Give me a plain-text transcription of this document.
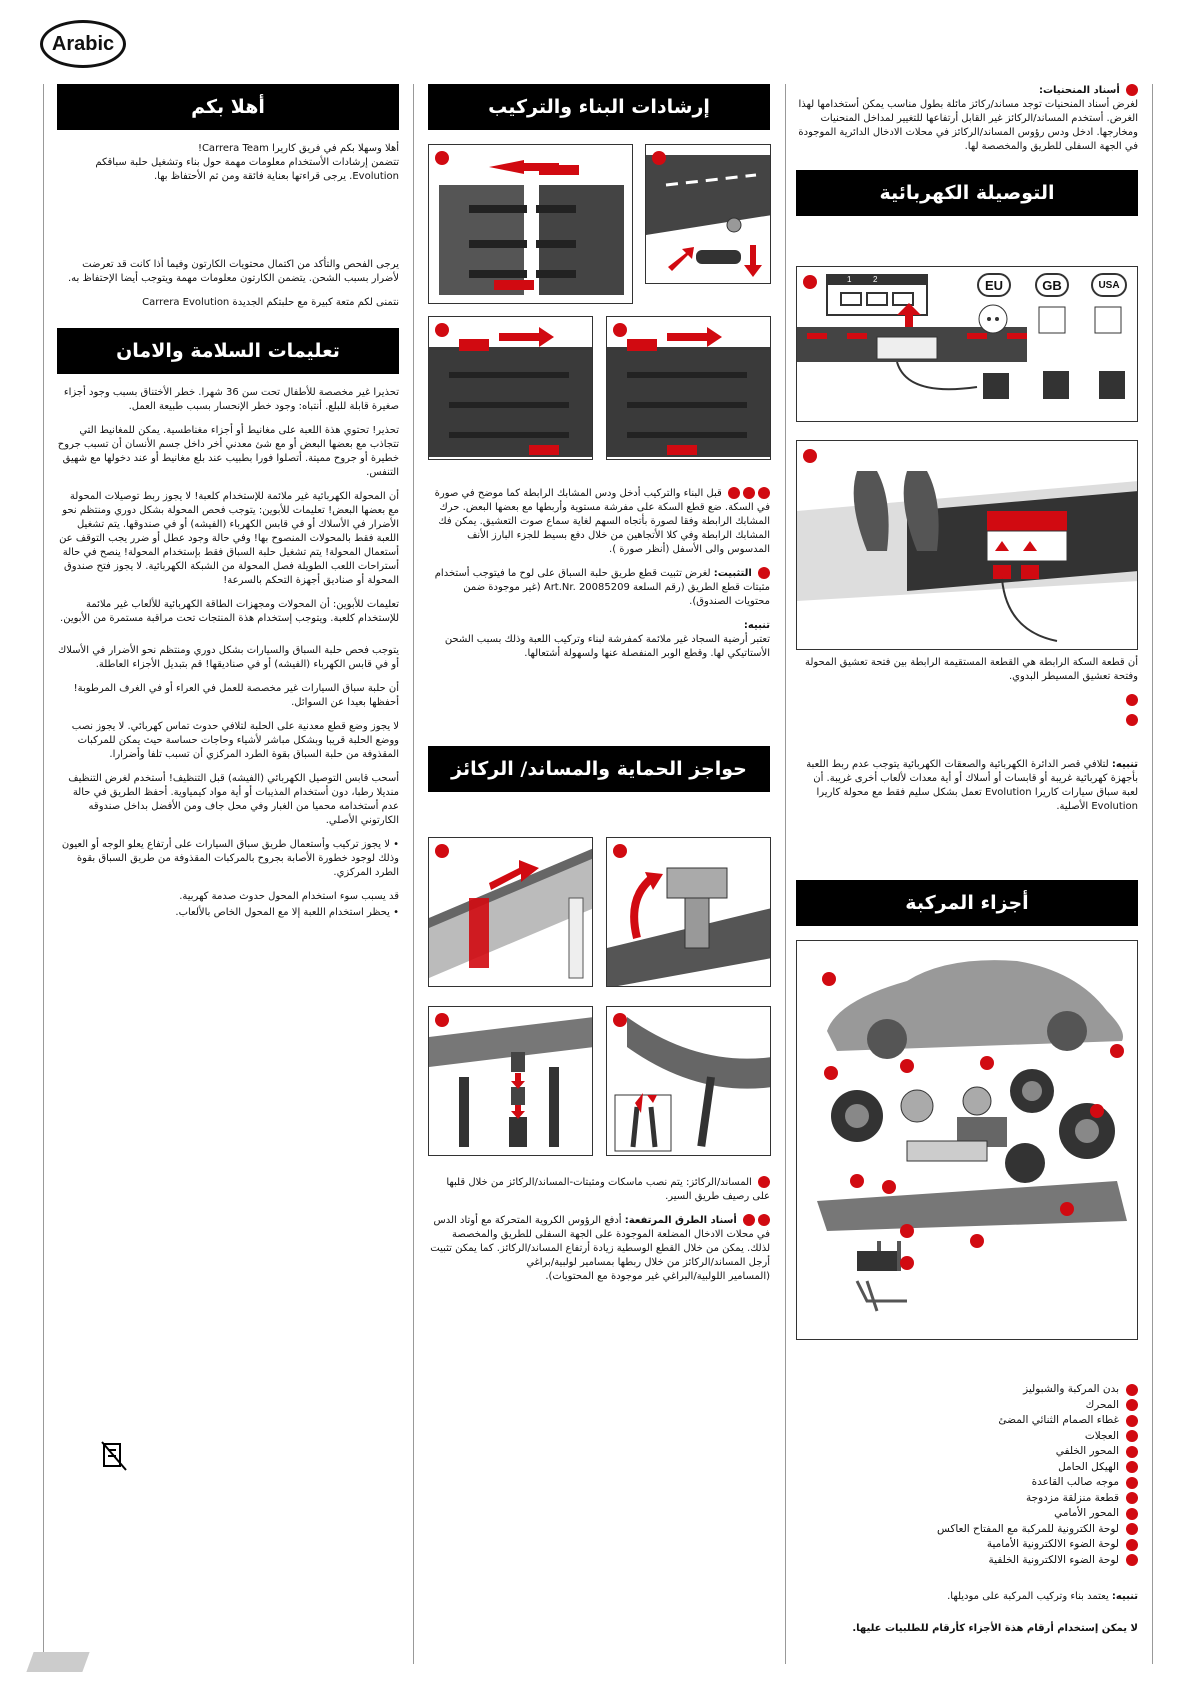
Arabic
أهلا بكم

أهلا وسهلا بكم في فريق كاريرا Carrera Team!

تتضمن إرشادات الأستخدام معلومات مهمة حول بناء وتشغيل حلبة سباقكم Evolution. يرجى قراءتها بعناية فائقة ومن ثم الأحتفاظ بها.

يرجى الفحص والتأكد من اكتمال محتويات الكارتون وفيما أذا كانت قد تعرضت لأضرار بسبب الشحن. يتضمن الكارتون معلومات مهمة ويتوجب أيضا الإحتفاظ به.

نتمنى لكم متعة كبيرة مع حلبتكم الجديدة Carrera Evolution

تعليمات السلامة والامان

تحذيرا غير مخصصة للأطفال تحت سن 36 شهرا. خطر الأختناق بسبب وجود أجزاء صغيرة قابلة للبلع. أنتباه: وجود خطر الإنحسار بسبب طبيعة العمل.

تحذير! تحتوي هذة اللعبة على مغانيط أو أجزاء مغناطسية. يمكن للمغانيط التي تتجاذب مع بعضها البعض أو مع شئ معدني أخر داخل جسم الأنسان أن تسبب جروح خطيرة أو جروح مميتة. أتصلوا فورا بطبيب عند بلع مغانيط أو عند دخولها مع شهيق التنفس.

أن المحولة الكهربائية غير ملائمة للإستخدام كلعبة! لا يجوز ربط توصيلات المحولة مع بعضها البعض! تعليمات للأبوين: يتوجب فحص المحولة بشكل دوري ومنتظم نحو الأضرار في الأسلاك أو في قابس الكهرباء (الفيشه) أو في صندوقها. يتم تشغيل اللعبة فقط بالمحولات المنصوح بها! وفي حالة وجود عطل أو ضرر يجب التوقف عن أستعمال المحولة! يتم تشغيل حلبة السباق فقط بإستخدام المحولة! ينصح في حالة أستراحات اللعب الطويلة فصل المحولة من الشبكة الكهربائية. لا يجوز فتح صندوق المحولة أو صناديق أجهزة التحكم بالسرعة!

تعليمات للأبوين: أن المحولات ومجهزات الطاقة الكهربائية للألعاب غير ملائمة للإستخدام كلعبة. ويتوجب إستخدام هذة المنتجات تحت مراقبة مستمرة من الأبوين.

يتوجب فحص حلبة السباق والسيارات بشكل دوري ومنتظم نحو الأضرار في الأسلاك أو في قابس الكهرباء (الفيشه) أو في صناديقها! قم بتبديل الأجزاء العاطلة.

أن حلبة سباق السيارات غير مخصصة للعمل في العراء أو في الغرف المرطوبة! أحفظها بعيدا عن السوائل.

لا يجوز وضع قطع معدنية على الحلبة لتلافي حدوث تماس كهربائي. لا يجوز نصب ووضع الحلبة قريبا وبشكل مباشر لأشياء وحاجات حساسة حيث يمكن للمركبات المقذوفة من حلبة السباق بقوة الطرد المركزي أن تسبب تلفا وأضرارا.

أسحب قابس التوصيل الكهربائي (الفيشه) قبل التنظيف! أستخدم لغرض التنظيف منديلا رطبا، دون أستخدام المذيبات أو أية مواد كيمياوية. أحفظ الطريق في حالة عدم أستخدامه محميا من الغبار وفي محل جاف ومن الأفضل بداخل صندوقه الكارتوني الأصلي.

• لا يجوز تركيب وأستعمال طريق سباق السيارات على أرتفاع يعلو الوجه أو العيون وذلك لوجود خطورة الأصابة بجروح بالمركبات المقذوفة من طريق السباق بقوة الطرد المركزي.

قد يسبب سوء استخدام المحول حدوث صدمة كهربية.

• يحظر استخدام اللعبة إلا مع المحول الخاص بالألعاب.

إرشادات البناء والتركيب

قبل البناء والتركيب أدخل ودس المشابك الرابطة كما موضح في صورة في السكة. ضع قطع السكة على مفرشة مستوية وأربطها مع بعضها البعض. حرك المشابك الرابطة وفقا لصورة بأتجاه السهم لغاية سماع صوت التعشيق. يمكن فك المشابك الرابطة وفي كلا الأتجاهين من خلال دفع بسيط للجزء البارز الأنف المدسوس والى الأسفل (أنظر صورة ).

التثبيت: لغرض تثبيت قطع طريق حلبة السباق على لوح ما فيتوجب أستخدام مثبتات قطع الطريق (رقم السلعة Art.Nr. 20085209 (غير موجودة ضمن محتويات الصندوق).

تنبيه:
تعتبر أرضية السجاد غير ملائمة كمفرشة لبناء وتركيب اللعبة وذلك بسبب الشحن الأستاتيكي لها. وقطع الوبر المنفصلة عنها ولسهولة أشتعالها.

حواجز الحماية والمساند/ الركائز

المساند/الركائز: يتم نصب ماسكات ومثبتات-المساند/الركائز من خلال قلبها على رصيف طريق السير.

أسناد الطرق المرتفعة: أدفع الرؤوس الكروية المتحركة مع أوتاد الدس في محلات الادخال المضلعة الموجودة على الجهة السفلى للطريق والمخصصة لذلك. يمكن من خلال القطع الوسطية زيادة أرتفاع المساند/الركائز. كما يمكن تثبيت أرجل المساند/الركائز من خلال ربطها بمسامير لولبية/براغي

(المسامير اللولبية/البراغي غير موجودة مع المحتويات).

أسناد المنحنيات:
لغرض أسناد المنحنيات توجد مساند/ركائز مائلة بطول مناسب يمكن أستخدامها لهذا الغرض. أستخدم المساند/الركائز غير القابل أرتفاعها للتغيير لمداخل المنحنيات ومخارجها. ادخل ودس رؤوس المساند/الركائز في محلات الادخال الدائرية الموجودة في الجهة السفلى للطريق والمخصصة لها.

التوصيلة الكهربائية
1	2	EU	GB	USA

أن قطعة السكة الرابطة هي القطعة المستقيمة الرابطة بين فتحة تعشيق المحولة وفتحة تعشيق المسيطر البدوي.

تنبيه: لتلافي قصر الدائرة الكهربائية والصعقات الكهربائية يتوجب عدم ربط اللعبة بأجهزة كهربائية غريبة أو قابسات أو أسلاك أو أية معدات لألعاب أخرى غريبة. أن لعبة سباق سيارات كاريرا Evolution تعمل بشكل سليم فقط مع محولة كاريرا Evolution الأصلية.

أجزاء المركبة
بدن المركبة والشبوليز
المحرك
غطاء الصمام الثنائي المضئ
العجلات
المحور الخلفي
الهيكل الحامل
موجه صالب القاعدة
قطعة منزلقة مزدوجة
المحور الأمامي
لوحة الكترونية للمركبة مع المفتاح العاكس
لوحة الضوء الالكترونية الأمامية
لوحة الضوء الالكترونية الخلفية

تنبيه: يعتمد بناء وتركيب المركبة على موديلها.

لا يمكن إستخدام أرقام هذة الأجزاء كأرقام للطلبيات عليها.
